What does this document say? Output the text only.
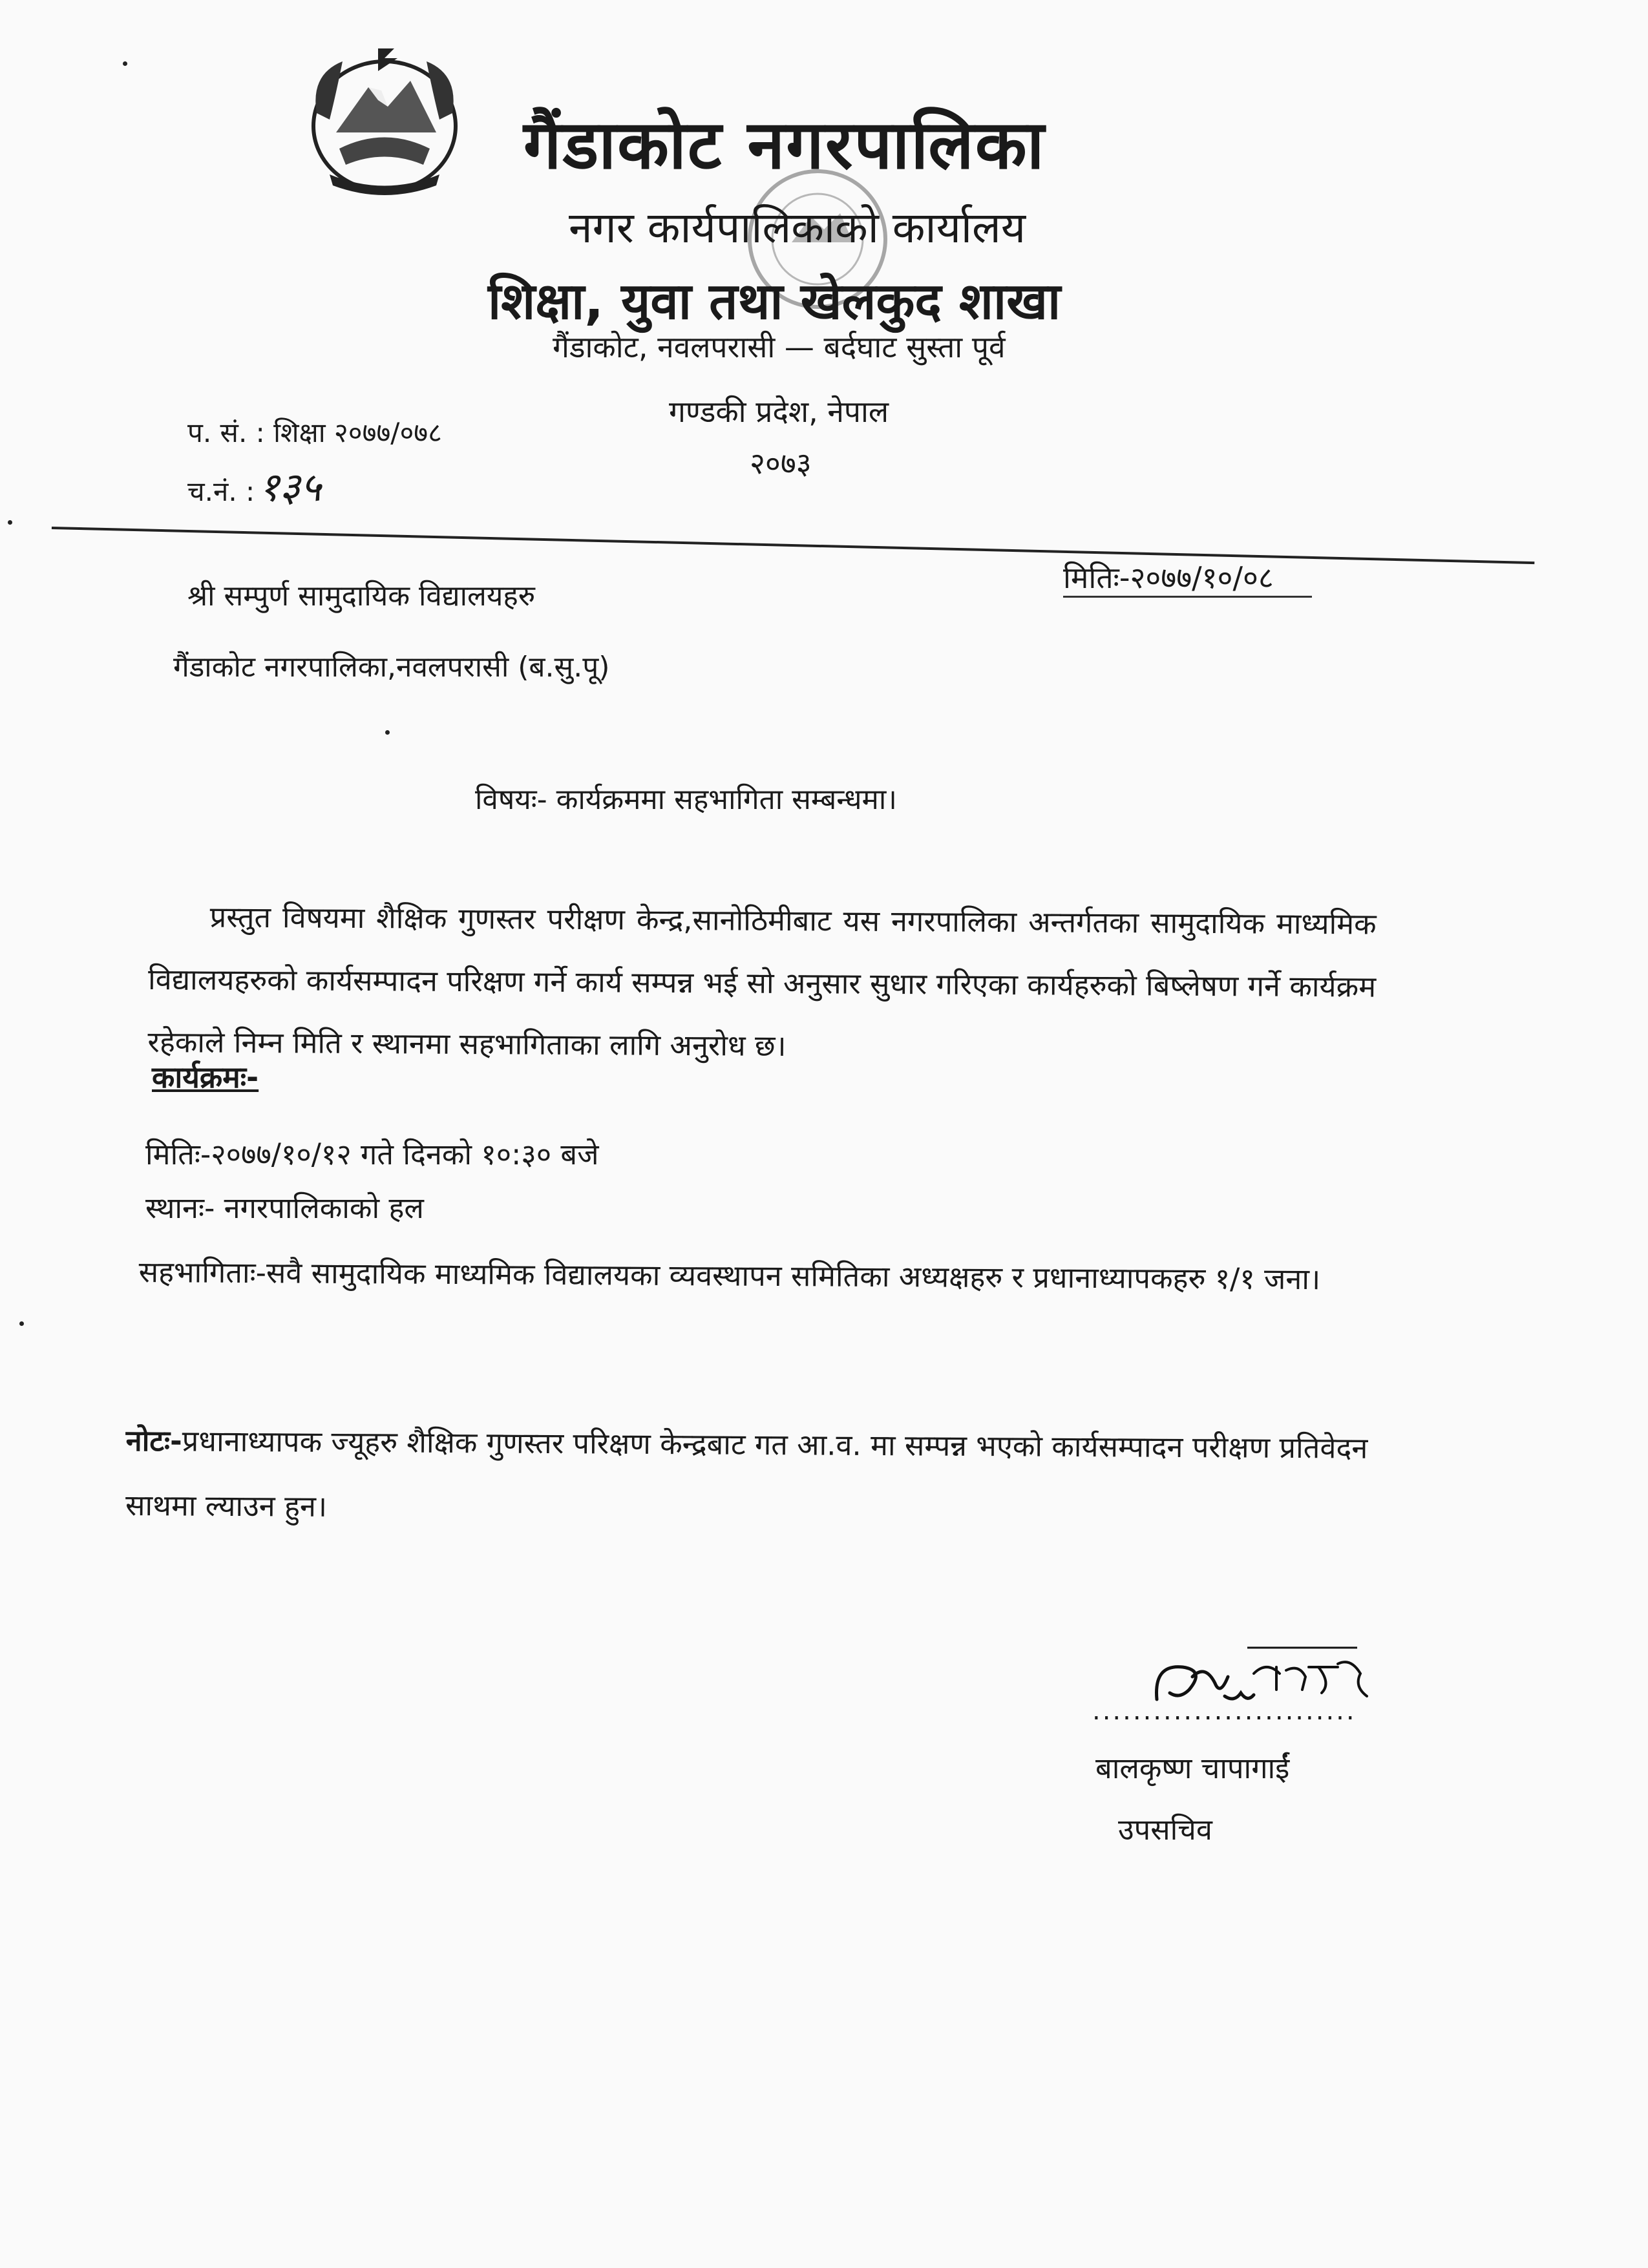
गैंडाकोट नगरपालिका
नगर कार्यपालिकाको कार्यालय
शिक्षा, युवा तथा खेलकुद शाखा
गैंडाकोट, नवलपरासी — बर्दघाट सुस्ता पूर्व
गण्डकी प्रदेश, नेपाल
२०७३
प. सं. : शिक्षा २०७७/०७८
च.नं. :१३५
मितिः-२०७७/१०/०८
श्री सम्पुर्ण सामुदायिक विद्यालयहरु
गैंडाकोट नगरपालिका,नवलपरासी (ब.सु.पू)
विषयः- कार्यक्रममा सहभागिता सम्बन्धमा।
प्रस्तुत विषयमा शैक्षिक गुणस्तर परीक्षण केन्द्र,सानोठिमीबाट यस नगरपालिका अन्तर्गतका सामुदायिक माध्यमिक विद्यालयहरुको कार्यसम्पादन परिक्षण गर्ने कार्य सम्पन्न भई सो अनुसार सुधार गरिएका कार्यहरुको बिष्लेषण गर्ने कार्यक्रम रहेकाले निम्न मिति र स्थानमा सहभागिताका लागि अनुरोध छ।
कार्यक्रमः-
मितिः-२०७७/१०/१२ गते दिनको १०:३० बजे
स्थानः- नगरपालिकाको हल
सहभागिताः-सवै सामुदायिक माध्यमिक विद्यालयका व्यवस्थापन समितिका अध्यक्षहरु र प्रधानाध्यापकहरु १/१ जना।
नोटः-प्रधानाध्यापक ज्यूहरु शैक्षिक गुणस्तर परिक्षण केन्द्रबाट गत आ.व. मा सम्पन्न भएको कार्यसम्पादन परीक्षण प्रतिवेदन साथमा ल्याउन हुन।
..........................
बालकृष्ण चापागाईं
उपसचिव
